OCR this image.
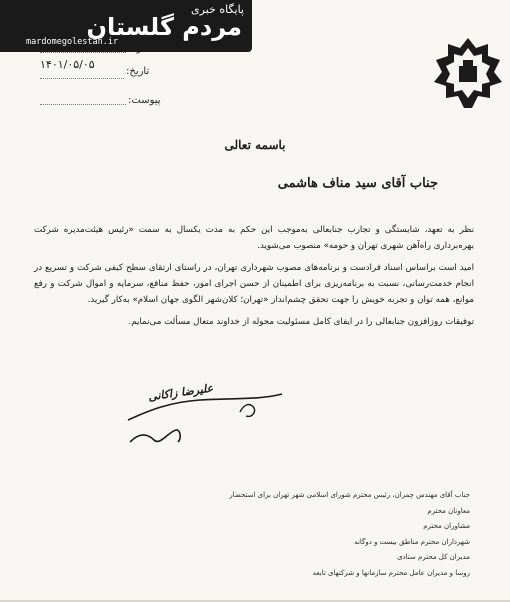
۱۴۰۱/۰۵/۰۵
تاریخ:
پیوست:
باسمه تعالی
جناب آقای سید مناف هاشمی

نظر به تعهد، شایستگی و تجارب جنابعالی به‌موجب این حکم به مدت یکسال به سمت «رئیس هیئت‌مدیره شرکت بهره‌برداری راه‌آهن شهری تهران و حومه» منصوب می‌شوید.

امید است براساس اسناد فرادست و برنامه‌های مصوب شهرداری تهران، در راستای ارتقای سطح کیفی شرکت و تسریع در انجام خدمت‌رسانی، نسبت به برنامه‌ریزی برای اطمینان از حسن اجرای امور، حفظ منافع، سرمایه و اموال شرکت و رفع موانع، همه توان و تجربه خویش را جهت تحقق چشم‌انداز «تهران؛ کلان‌شهر الگوی جهان اسلام» به‌کار گیرید.

توفیقات روزافزون جنابعالی را در ایفای کامل مسئولیت محوله از خداوند متعال مسألت می‌نمایم.

علیرضا زاکانی
جناب آقای مهندس چمران، رئیس محترم شورای اسلامی شهر تهران برای استحضار
معاونان محترم
مشاوران محترم
شهرداران محترم مناطق بیست و دوگانه
مدیران کل محترم ستادی
روسا و مدیران عامل محترم سازمانها و شرکتهای تابعه
پایگاه خبری
مردم گلستان
mardomegolestan.ir
